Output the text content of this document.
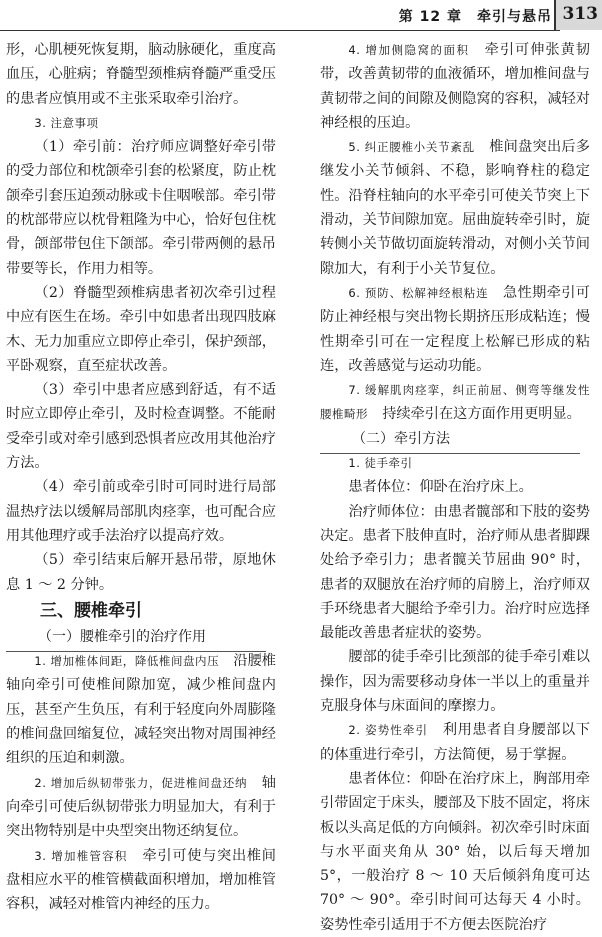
第 12 章　牵引与悬吊 313

形，心肌梗死恢复期，脑动脉硬化，重度高血压，心脏病；脊髓型颈椎病脊髓严重受压的患者应慎用或不主张采取牵引治疗。

3. 注意事项

（1）牵引前：治疗师应调整好牵引带的受力部位和枕颌牵引套的松紧度，防止枕颌牵引套压迫颈动脉或卡住咽喉部。牵引带的枕部带应以枕骨粗隆为中心，恰好包住枕骨，颌部带包住下颌部。牵引带两侧的悬吊带要等长，作用力相等。

（2）脊髓型颈椎病患者初次牵引过程中应有医生在场。牵引中如患者出现四肢麻木、无力加重应立即停止牵引，保护颈部，平卧观察，直至症状改善。

（3）牵引中患者应感到舒适，有不适时应立即停止牵引，及时检查调整。不能耐受牵引或对牵引感到恐惧者应改用其他治疗方法。

（4）牵引前或牵引时可同时进行局部温热疗法以缓解局部肌肉痉挛，也可配合应用其他理疗或手法治疗以提高疗效。

（5）牵引结束后解开悬吊带，原地休息 1 ～ 2 分钟。

三、腰椎牵引

（一）腰椎牵引的治疗作用

1. 增加椎体间距，降低椎间盘内压　沿腰椎轴向牵引可使椎间隙加宽，减少椎间盘内压，甚至产生负压，有利于轻度向外周膨隆的椎间盘回缩复位，减轻突出物对周围神经组织的压迫和刺激。

2. 增加后纵韧带张力，促进椎间盘还纳　轴向牵引可使后纵韧带张力明显加大，有利于突出物特别是中央型突出物还纳复位。

3. 增加椎管容积　牵引可使与突出椎间盘相应水平的椎管横截面积增加，增加椎管容积，减轻对椎管内神经的压力。

4. 增加侧隐窝的面积　牵引可伸张黄韧带，改善黄韧带的血液循环，增加椎间盘与黄韧带之间的间隙及侧隐窝的容积，减轻对神经根的压迫。

5. 纠正腰椎小关节紊乱　椎间盘突出后多继发小关节倾斜、不稳，影响脊柱的稳定性。沿脊柱轴向的水平牵引可使关节突上下滑动，关节间隙加宽。屈曲旋转牵引时，旋转侧小关节做切面旋转滑动，对侧小关节间隙加大，有利于小关节复位。

6. 预防、松解神经根粘连　急性期牵引可防止神经根与突出物长期挤压形成粘连；慢性期牵引可在一定程度上松解已形成的粘连，改善感觉与运动功能。

7. 缓解肌肉痉挛，纠正前屈、侧弯等继发性腰椎畸形　持续牵引在这方面作用更明显。

（二）牵引方法

1. 徒手牵引

患者体位：仰卧在治疗床上。

治疗师体位：由患者髋部和下肢的姿势决定。患者下肢伸直时，治疗师从患者脚踝处给予牵引力；患者髋关节屈曲 90° 时，患者的双腿放在治疗师的肩膀上，治疗师双手环绕患者大腿给予牵引力。治疗时应选择最能改善患者症状的姿势。

腰部的徒手牵引比颈部的徒手牵引难以操作，因为需要移动身体一半以上的重量并克服身体与床面间的摩擦力。

2. 姿势性牵引　利用患者自身腰部以下的体重进行牵引，方法简便，易于掌握。

患者体位：仰卧在治疗床上，胸部用牵引带固定于床头，腰部及下肢不固定，将床板以头高足低的方向倾斜。初次牵引时床面与水平面夹角从 30° 始，以后每天增加 5°，一般治疗 8 ～ 10 天后倾斜角度可达 70° ～ 90°。牵引时间可达每天 4 小时。姿势性牵引适用于不方便去医院治疗
